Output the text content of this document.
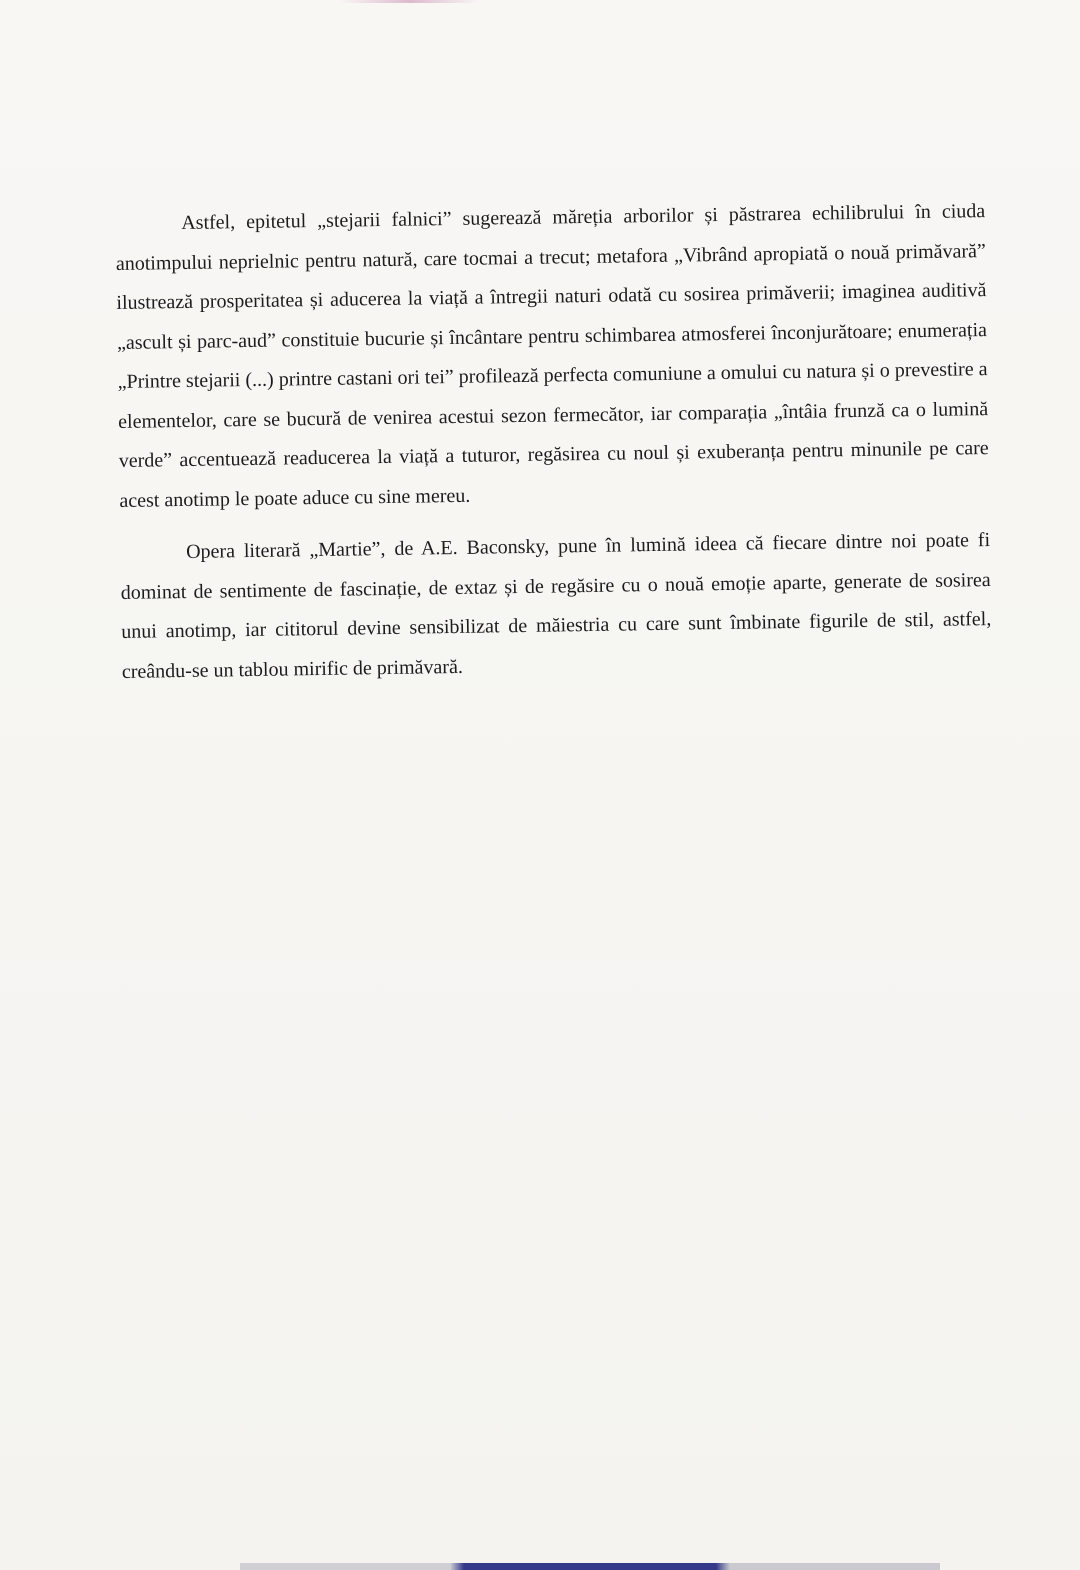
Astfel, epitetul „stejarii falnici” sugerează măreția arborilor și păstrarea echilibrului în ciuda anotimpului neprielnic pentru natură, care tocmai a trecut; metafora „Vibrând apropiată o nouă primăvară” ilustrează prosperitatea și aducerea la viață a întregii naturi odată cu sosirea primăverii; imaginea auditivă „ascult și parc-aud” constituie bucurie și încântare pentru schimbarea atmosferei înconjurătoare; enumerația „Printre stejarii (...) printre castani ori tei” profilează perfecta comuniune a omului cu natura și o prevestire a elementelor, care se bucură de venirea acestui sezon fermecător, iar comparația „întâia frunză ca o lumină verde” accentuează readucerea la viață a tuturor, regăsirea cu noul și exuberanța pentru minunile pe care acest anotimp le poate aduce cu sine mereu.

Opera literară „Martie”, de A.E. Baconsky, pune în lumină ideea că fiecare dintre noi poate fi dominat de sentimente de fascinație, de extaz și de regăsire cu o nouă emoție aparte, generate de sosirea unui anotimp, iar cititorul devine sensibilizat de măiestria cu care sunt îmbinate figurile de stil, astfel, creându-se un tablou mirific de primăvară.
